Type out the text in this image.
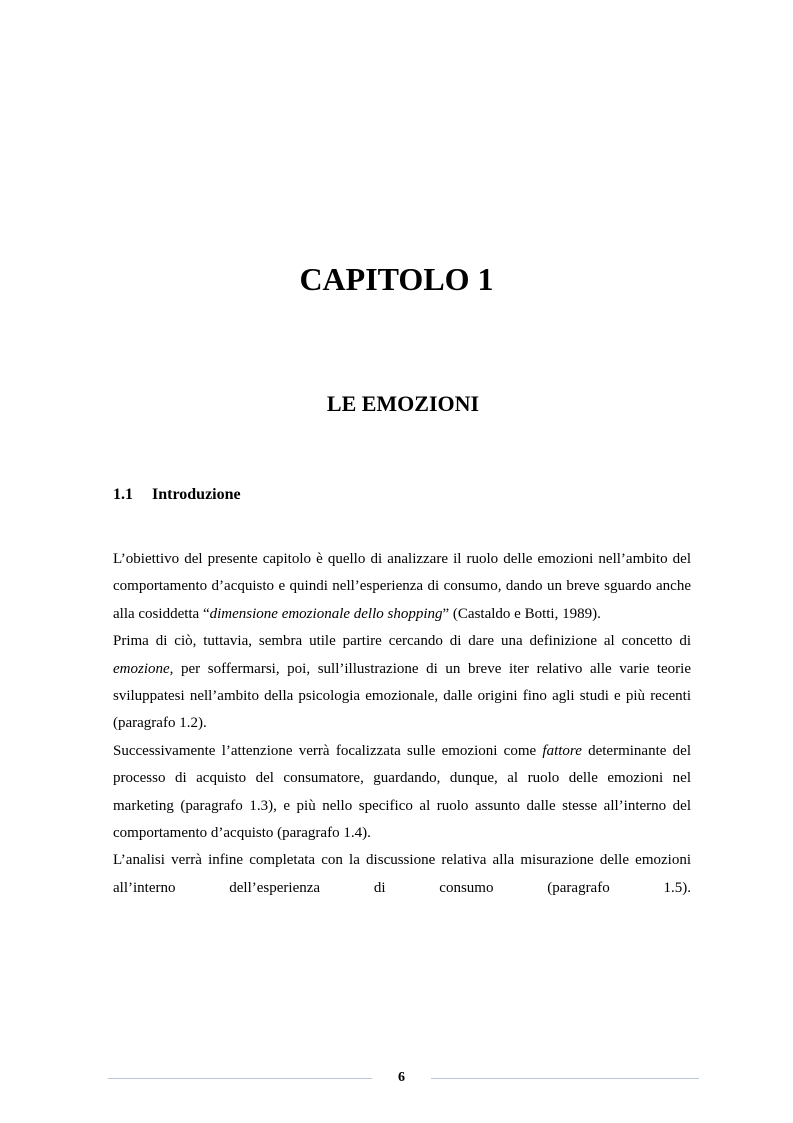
CAPITOLO 1
LE EMOZIONI
1.1 Introduzione

L’obiettivo del presente capitolo è quello di analizzare il ruolo delle emozioni nell’ambito del comportamento d’acquisto e quindi nell’esperienza di consumo, dando un breve sguardo anche alla cosiddetta “dimensione emozionale dello shopping” (Castaldo e Botti, 1989).

Prima di ciò, tuttavia, sembra utile partire cercando di dare una definizione al concetto di emozione, per soffermarsi, poi, sull’illustrazione di un breve iter relativo alle varie teorie sviluppatesi nell’ambito della psicologia emozionale, dalle origini fino agli studi e più recenti (paragrafo 1.2).

Successivamente l’attenzione verrà focalizzata sulle emozioni come fattore determinante del processo di acquisto del consumatore, guardando, dunque, al ruolo delle emozioni nel marketing (paragrafo 1.3), e più nello specifico al ruolo assunto dalle stesse all’interno del comportamento d’acquisto (paragrafo 1.4).

L’analisi verrà infine completata con la discussione relativa alla misurazione delle emozioni all’interno dell’esperienza di consumo (paragrafo 1.5).

6
